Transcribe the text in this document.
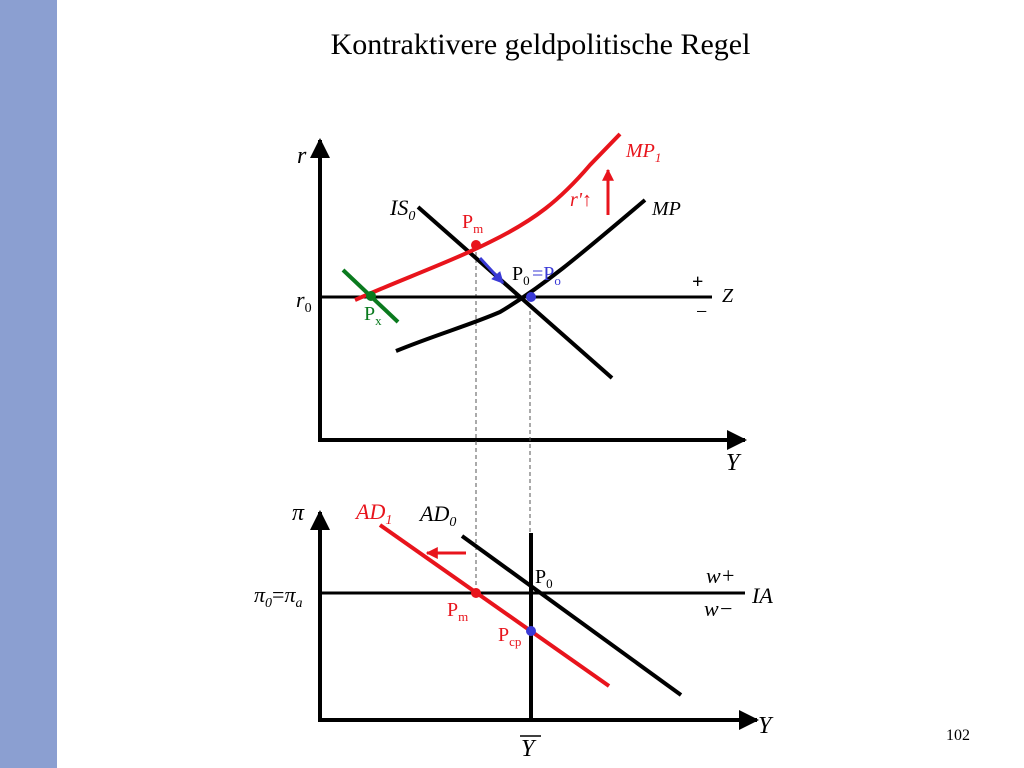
Kontraktivere geldpolitische Regel
102
r
Y
$r_0$
$IS_0$	MP
$MP_1$
r'↑
Z
+
−
$P_m$
$P_0 =P_o$
$P_x$
π
Y
Y
$\pi_0=\pi_a$
$AD_0$
$AD_1$
IA
w+
w−
$P_0$
$P_m$
$P_{cp}$
